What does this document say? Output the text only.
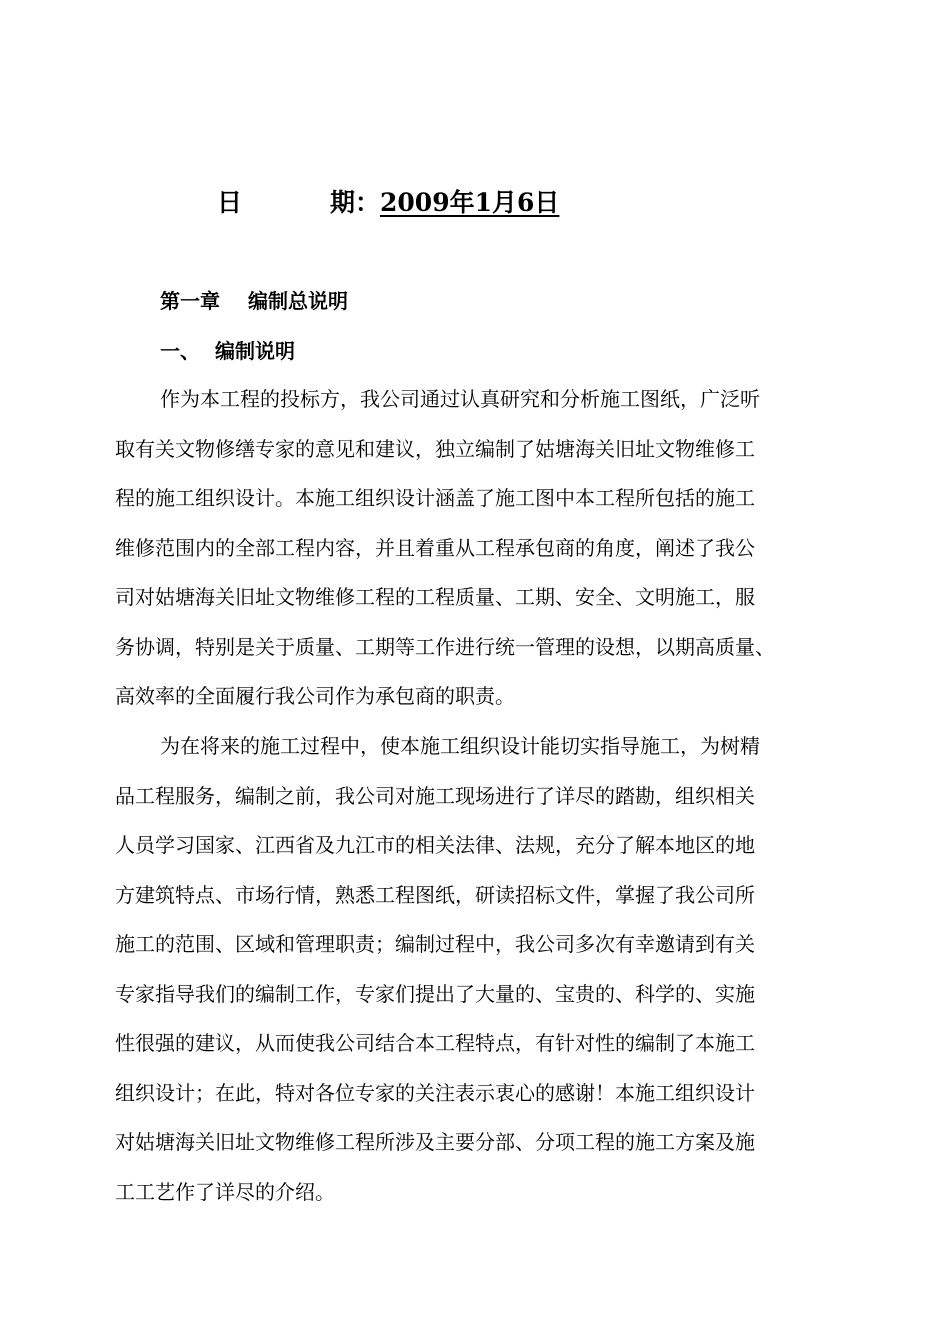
日	期：2009年1月6日
第一章 编制总说明
一、 编制说明
作为本工程的投标方，我公司通过认真研究和分析施工图纸，广泛听
取有关文物修缮专家的意见和建议，独立编制了姑塘海关旧址文物维修工
程的施工组织设计。本施工组织设计涵盖了施工图中本工程所包括的施工
维修范围内的全部工程内容，并且着重从工程承包商的角度，阐述了我公
司对姑塘海关旧址文物维修工程的工程质量、工期、安全、文明施工，服
务协调，特别是关于质量、工期等工作进行统一管理的设想，以期高质量、
高效率的全面履行我公司作为承包商的职责。
为在将来的施工过程中，使本施工组织设计能切实指导施工，为树精
品工程服务，编制之前，我公司对施工现场进行了详尽的踏勘，组织相关
人员学习国家、江西省及九江市的相关法律、法规，充分了解本地区的地
方建筑特点、市场行情，熟悉工程图纸，研读招标文件，掌握了我公司所
施工的范围、区域和管理职责；编制过程中，我公司多次有幸邀请到有关
专家指导我们的编制工作，专家们提出了大量的、宝贵的、科学的、实施
性很强的建议，从而使我公司结合本工程特点，有针对性的编制了本施工
组织设计；在此，特对各位专家的关注表示衷心的感谢！本施工组织设计
对姑塘海关旧址文物维修工程所涉及主要分部、分项工程的施工方案及施
工工艺作了详尽的介绍。
